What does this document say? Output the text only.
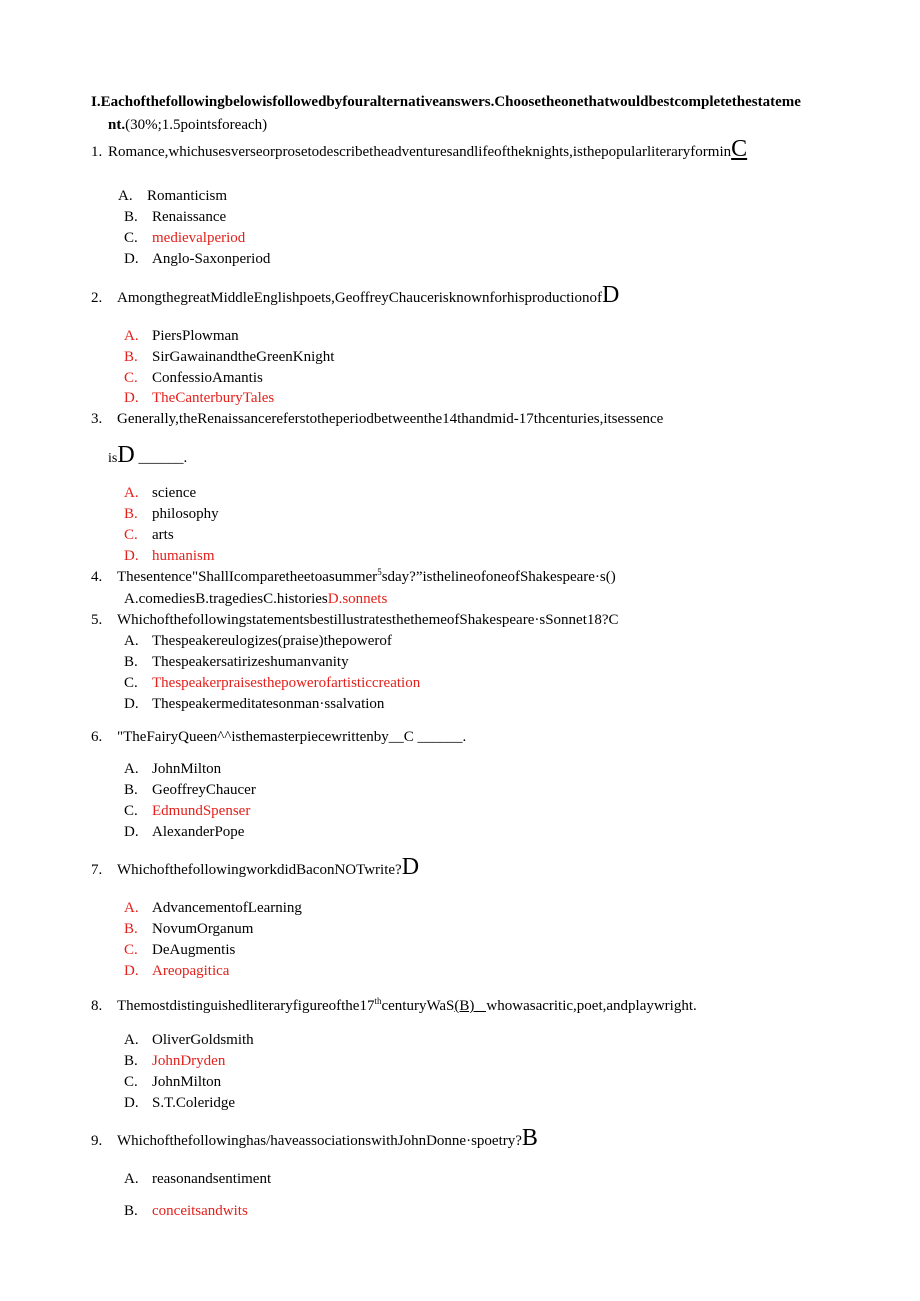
I.Eachofthefollowingbelowisfollowedbyfouralternativeanswers.Choosetheonethatwouldbestcompletethestateme
nt.(30%;1.5pointsforeach)
1. Romance,whichusesverseorprosetodescribetheadventuresandlifeoftheknights,isthepopularliteraryforminC
A. Romanticism
B. Renaissance
C. medievalperiod
D. Anglo-Saxonperiod
2. AmongthegreatMiddleEnglishpoets,GeoffreyChaucerisknownforhisproductionofD
A. PiersPlowman
B. SirGawainandtheGreenKnight
C. ConfessioAmantis
D. TheCanterburyTales
3. Generally,theRenaissancereferstotheperiodbetweenthe14thandmid-17thcenturies,itsessence
isD ______.
A. science
B. philosophy
C. arts
D. humanism
4. Thesentence"ShallIcomparetheetoasummer$^5$sday?”isthelineofoneofShakespeare·s()
A.comediesB.tragediesC.historiesD.sonnets
5. WhichofthefollowingstatementsbestillustratesthethemeofShakespeare·sSonnet18?C
A. Thespeakereulogizes(praise)thepowerof
B. Thespeakersatirizeshumanvanity
C. Thespeakerpraisesthepowerofartisticcreation
D. Thespeakermeditatesonman·ssalvation
6. "TheFairyQueen^^isthemasterpiecewrittenby__C ______.
A. JohnMilton
B. GeoffreyChaucer
C. EdmundSpenser
D. AlexanderPope
7. WhichofthefollowingworkdidBaconNOTwrite?D
A. AdvancementofLearning
B. NovumOrganum
C. DeAugmentis
D. Areopagitica
8. Themostdistinguishedliteraryfigureofthe17thcenturyWaS(B) whowasacritic,poet,andplaywright.
A. OliverGoldsmith
B. JohnDryden
C. JohnMilton
D. S.T.Coleridge
9. Whichofthefollowinghas/haveassociationswithJohnDonne·spoetry?B
A. reasonandsentiment
B. conceitsandwits
